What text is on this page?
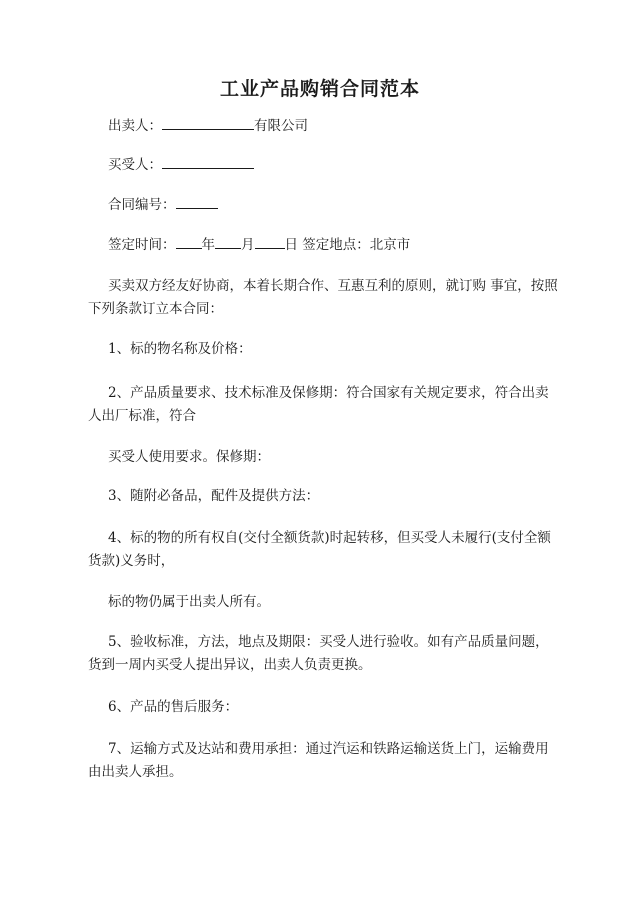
工业产品购销合同范本
出卖人：	有限公司
买受人：
合同编号：
签定时间： 年 月 日 签定地点：北京市
买卖双方经友好协商，本着长期合作、互惠互利的原则，就订购 事宜，按照下列条款订立本合同：
1、标的物名称及价格：
2、产品质量要求、技术标准及保修期：符合国家有关规定要求，符合出卖人出厂标准，符合
买受人使用要求。保修期：
3、随附必备品，配件及提供方法：
4、标的物的所有权自(交付全额货款)时起转移，但买受人未履行(支付全额货款)义务时，
标的物仍属于出卖人所有。
5、验收标准，方法，地点及期限：买受人进行验收。如有产品质量问题，货到一周内买受人提出异议，出卖人负责更换。
6、产品的售后服务：
7、运输方式及达站和费用承担：通过汽运和铁路运输送货上门，运输费用由出卖人承担。
